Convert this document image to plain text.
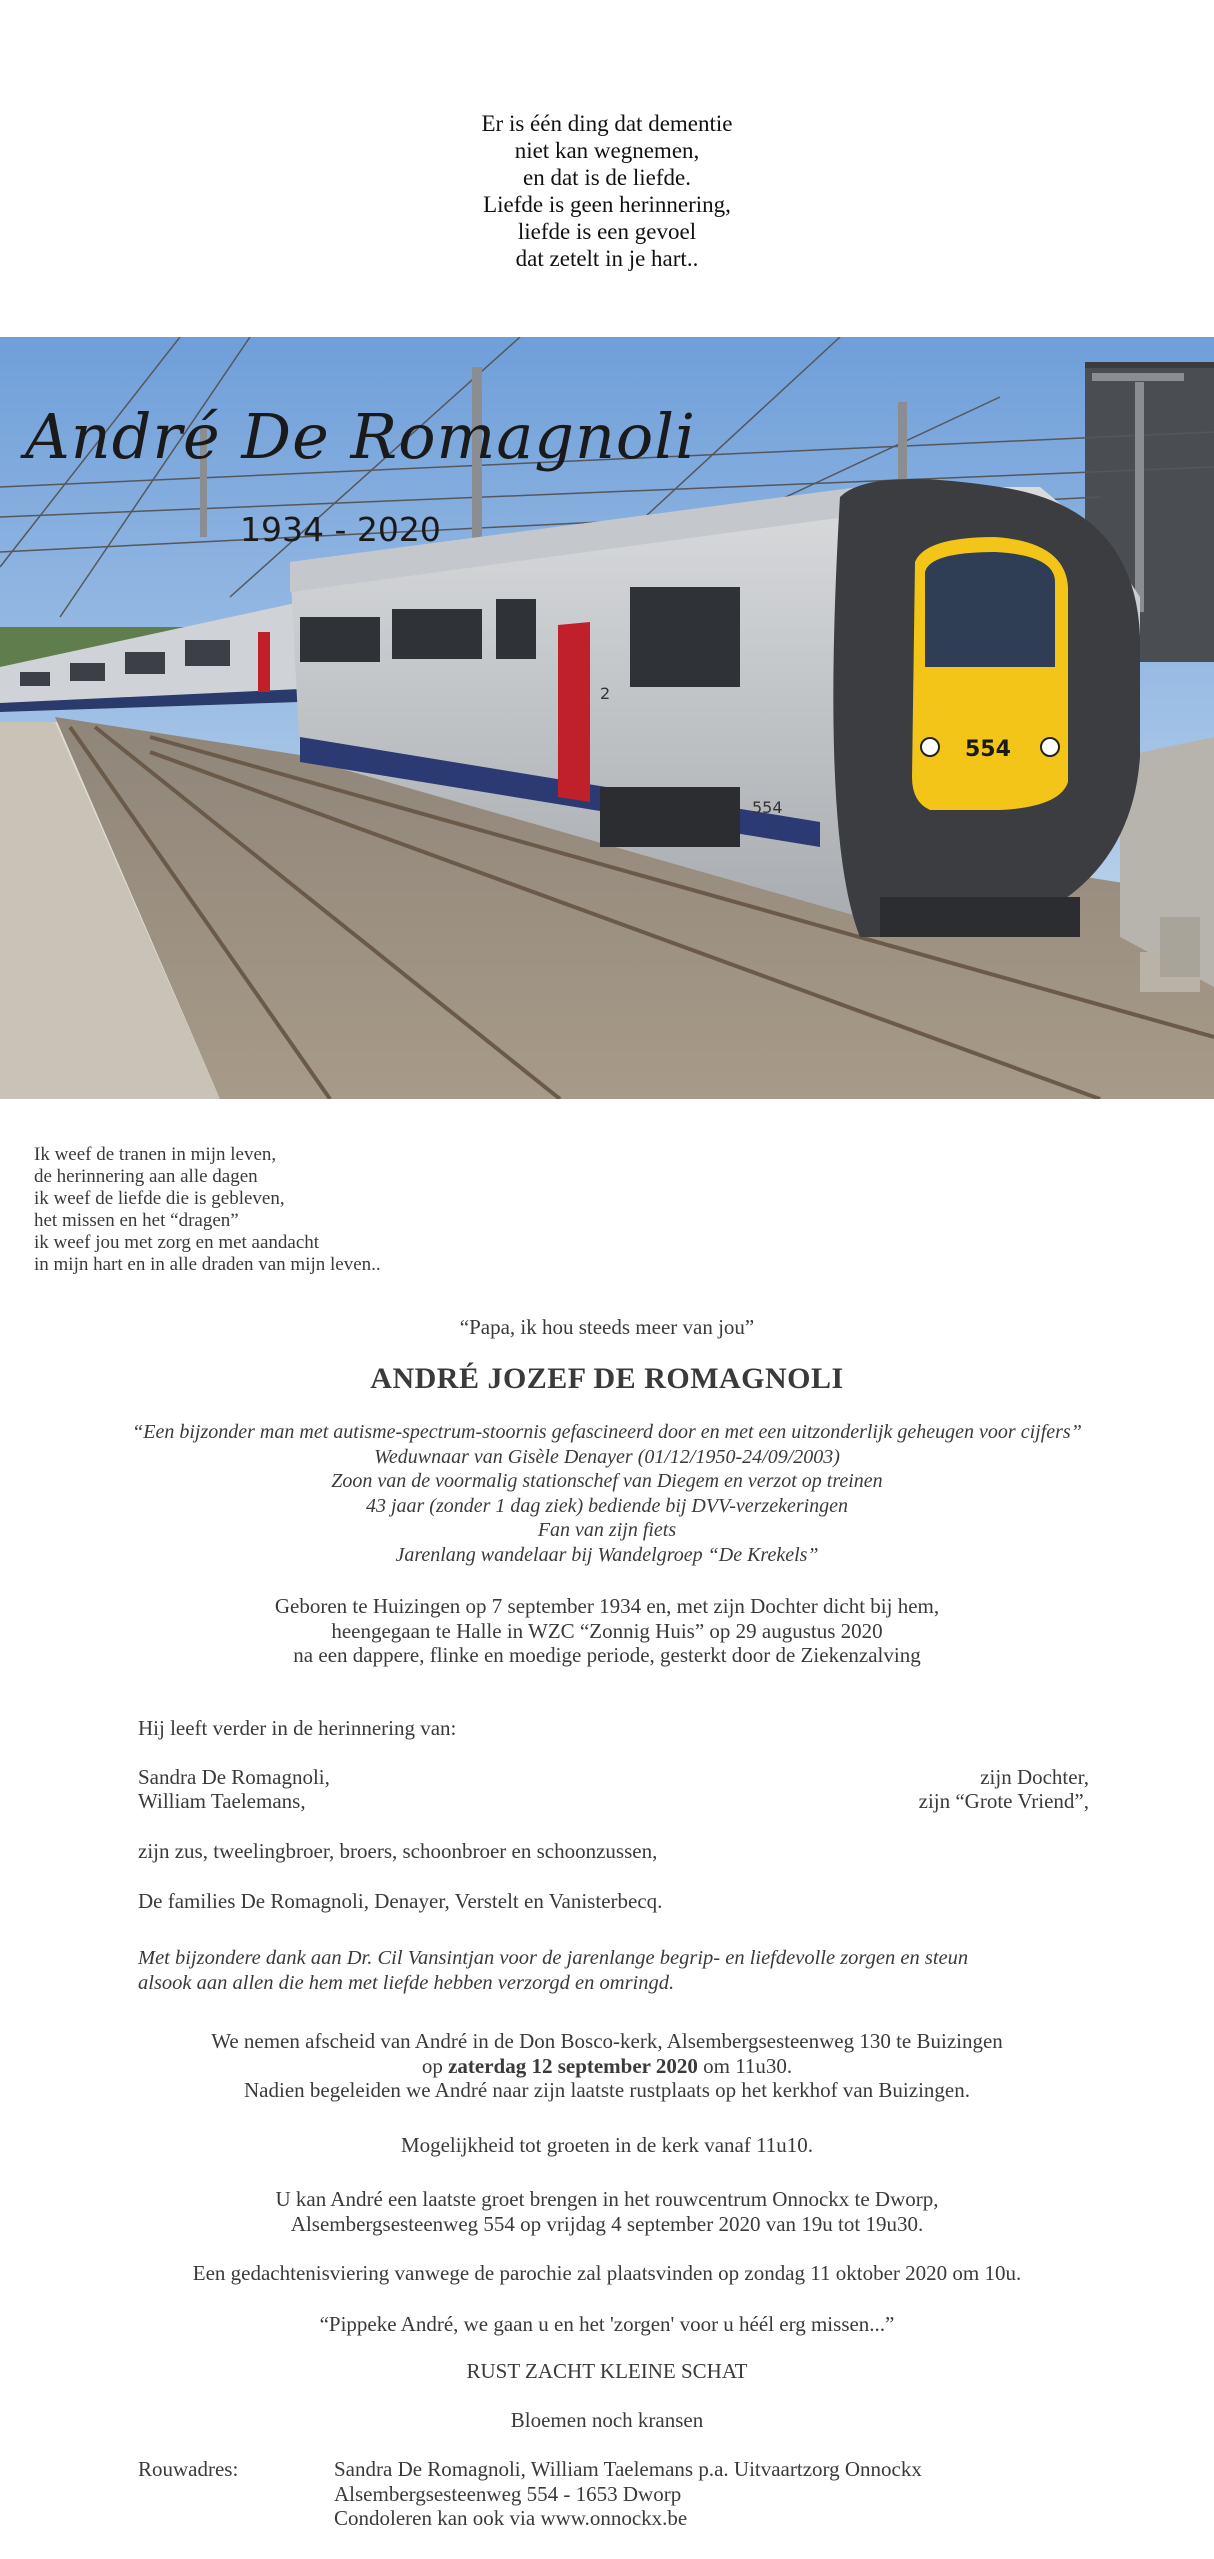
Er is één ding dat dementie
niet kan wegnemen,
en dat is de liefde.
Liefde is geen herinnering,
liefde is een gevoel
dat zetelt in je hart..
554
2
554
André De Romagnoli
1934 - 2020
Ik weef de tranen in mijn leven,
de herinnering aan alle dagen
ik weef de liefde die is gebleven,
het missen en het “dragen”
ik weef jou met zorg en met aandacht
in mijn hart en in alle draden van mijn leven..
“Papa, ik hou steeds meer van jou”
ANDRÉ JOZEF DE ROMAGNOLI
“Een bijzonder man met autisme-spectrum-stoornis gefascineerd door en met een uitzonderlijk geheugen voor cijfers”
Weduwnaar van Gisèle Denayer (01/12/1950-24/09/2003)
Zoon van de voormalig stationschef van Diegem en verzot op treinen
43 jaar (zonder 1 dag ziek) bediende bij DVV-verzekeringen
Fan van zijn fiets
Jarenlang wandelaar bij Wandelgroep “De Krekels”
Geboren te Huizingen op 7 september 1934 en, met zijn Dochter dicht bij hem,
heengegaan te Halle in WZC “Zonnig Huis” op 29 augustus 2020
na een dappere, flinke en moedige periode, gesterkt door de Ziekenzalving
Hij leeft verder in de herinnering van:
Sandra De Romagnoli,	zijn Dochter,
William Taelemans,	zijn “Grote Vriend”,
zijn zus, tweelingbroer, broers, schoonbroer en schoonzussen,
De families De Romagnoli, Denayer, Verstelt en Vanisterbecq.
Met bijzondere dank aan Dr. Cil Vansintjan voor de jarenlange begrip- en liefdevolle zorgen en steun
alsook aan allen die hem met liefde hebben verzorgd en omringd.
We nemen afscheid van André in de Don Bosco-kerk, Alsembergsesteenweg 130 te Buizingen
op zaterdag 12 september 2020 om 11u30.
Nadien begeleiden we André naar zijn laatste rustplaats op het kerkhof van Buizingen.
Mogelijkheid tot groeten in de kerk vanaf 11u10.
U kan André een laatste groet brengen in het rouwcentrum Onnockx te Dworp,
Alsembergsesteenweg 554 op vrijdag 4 september 2020 van 19u tot 19u30.
Een gedachtenisviering vanwege de parochie zal plaatsvinden op zondag 11 oktober 2020 om 10u.
“Pippeke André, we gaan u en het 'zorgen' voor u héél erg missen...”
RUST ZACHT KLEINE SCHAT
Bloemen noch kransen
Rouwadres:	Sandra De Romagnoli, William Taelemans p.a. Uitvaartzorg Onnockx
Alsembergsesteenweg 554 - 1653 Dworp
Condoleren kan ook via www.onnockx.be
